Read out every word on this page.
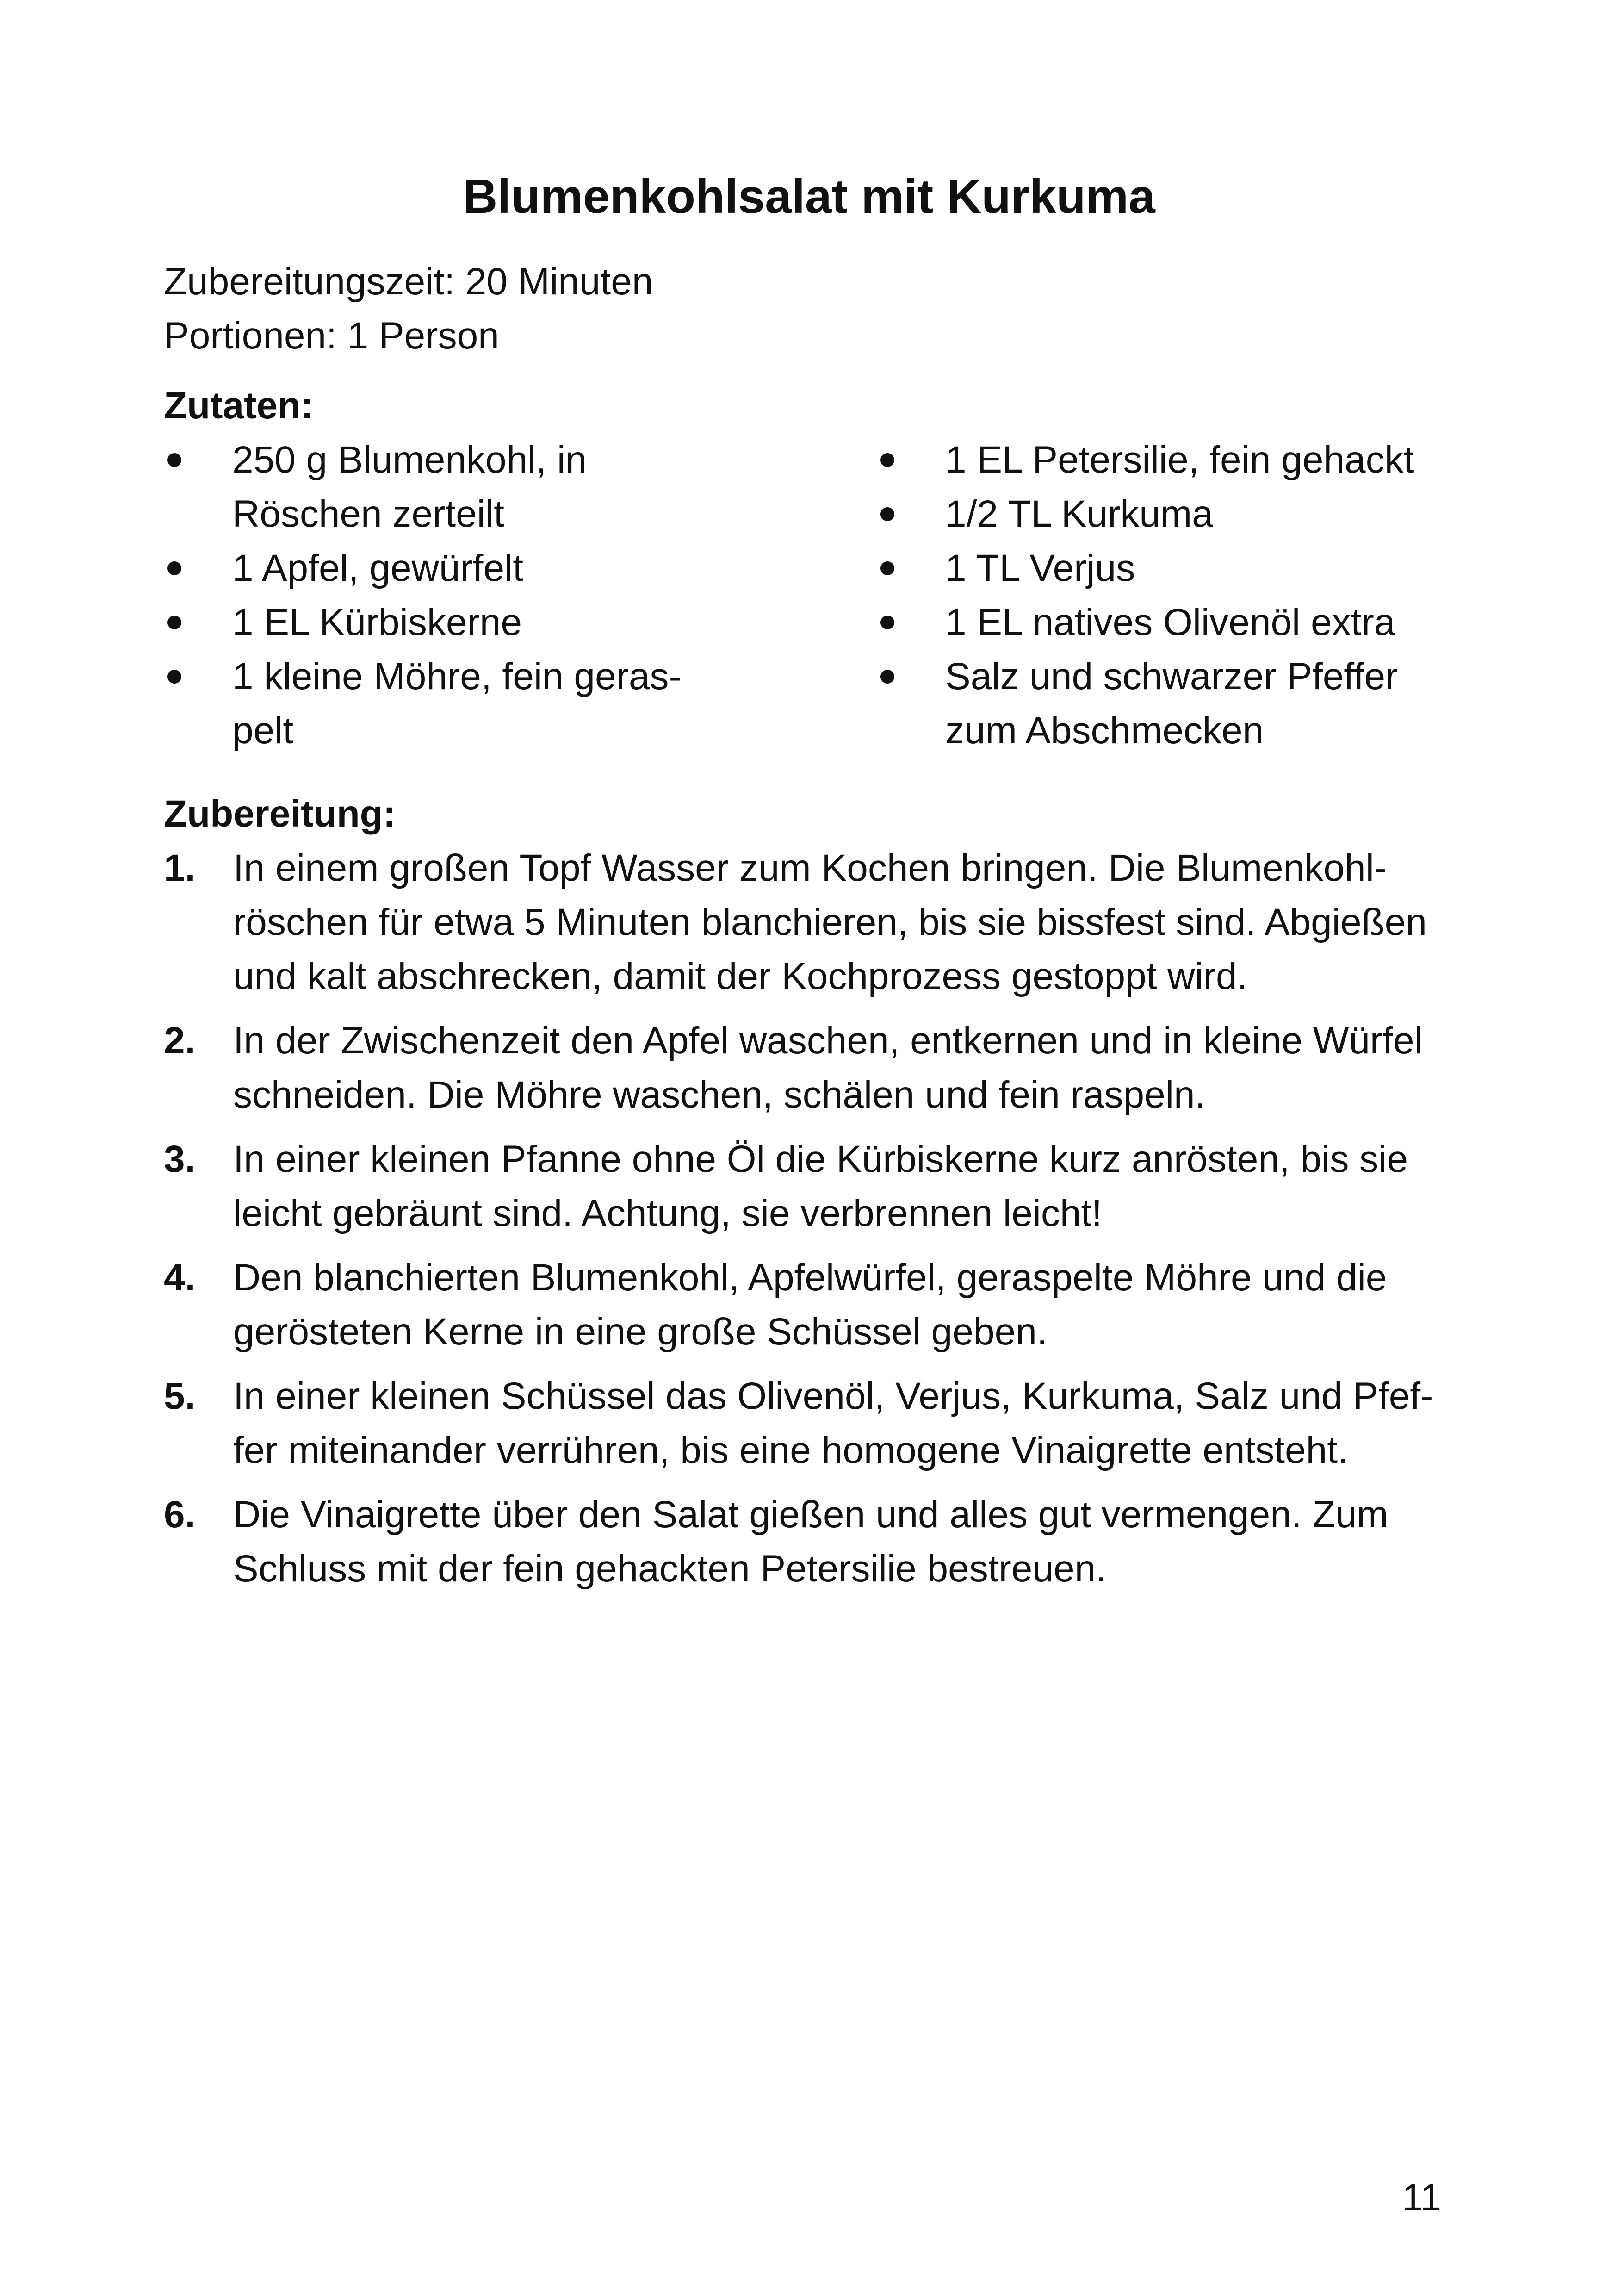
Blumenkohlsalat mit Kurkuma
Zubereitungszeit: 20 Minuten
Portionen: 1 Person
Zutaten:
250 g Blumenkohl, in Röschen zerteilt
1 Apfel, gewürfelt
1 EL Kürbiskerne
1 kleine Möhre, fein geraspelt
1 EL Petersilie, fein gehackt
1/2 TL Kurkuma
1 TL Verjus
1 EL natives Olivenöl extra
Salz und schwarzer Pfeffer zum Abschmecken
Zubereitung:
1. In einem großen Topf Wasser zum Kochen bringen. Die Blumenkohlröschen für etwa 5 Minuten blanchieren, bis sie bissfest sind. Abgießen und kalt abschrecken, damit der Kochprozess gestoppt wird.
2. In der Zwischenzeit den Apfel waschen, entkernen und in kleine Würfel schneiden. Die Möhre waschen, schälen und fein raspeln.
3. In einer kleinen Pfanne ohne Öl die Kürbiskerne kurz anrösten, bis sie leicht gebräunt sind. Achtung, sie verbrennen leicht!
4. Den blanchierten Blumenkohl, Apfelwürfel, geraspelte Möhre und die gerösteten Kerne in eine große Schüssel geben.
5. In einer kleinen Schüssel das Olivenöl, Verjus, Kurkuma, Salz und Pfeffer miteinander verrühren, bis eine homogene Vinaigrette entsteht.
6. Die Vinaigrette über den Salat gießen und alles gut vermengen. Zum Schluss mit der fein gehackten Petersilie bestreuen.
11
